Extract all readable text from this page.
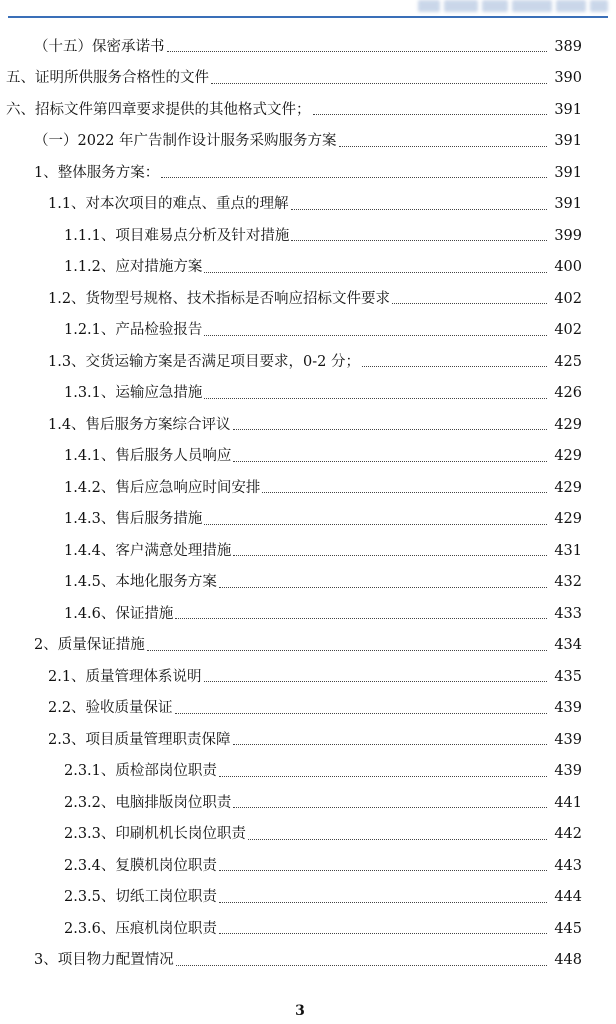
（十五）保密承诺书	389
五、证明所供服务合格性的文件	390
六、招标文件第四章要求提供的其他格式文件；	391
（一）2022 年广告制作设计服务采购服务方案	391
1、整体服务方案：	391
1.1、对本次项目的难点、重点的理解	391
1.1.1、项目难易点分析及针对措施	399
1.1.2、应对措施方案	400
1.2、货物型号规格、技术指标是否响应招标文件要求	402
1.2.1、产品检验报告	402
1.3、交货运输方案是否满足项目要求，0-2 分；	425
1.3.1、运输应急措施	426
1.4、售后服务方案综合评议	429
1.4.1、售后服务人员响应	429
1.4.2、售后应急响应时间安排	429
1.4.3、售后服务措施	429
1.4.4、客户满意处理措施	431
1.4.5、本地化服务方案	432
1.4.6、保证措施	433
2、质量保证措施	434
2.1、质量管理体系说明	435
2.2、验收质量保证	439
2.3、项目质量管理职责保障	439
2.3.1、质检部岗位职责	439
2.3.2、电脑排版岗位职责	441
2.3.3、印刷机机长岗位职责	442
2.3.4、复膜机岗位职责	443
2.3.5、切纸工岗位职责	444
2.3.6、压痕机岗位职责	445
3、项目物力配置情况	448
3
